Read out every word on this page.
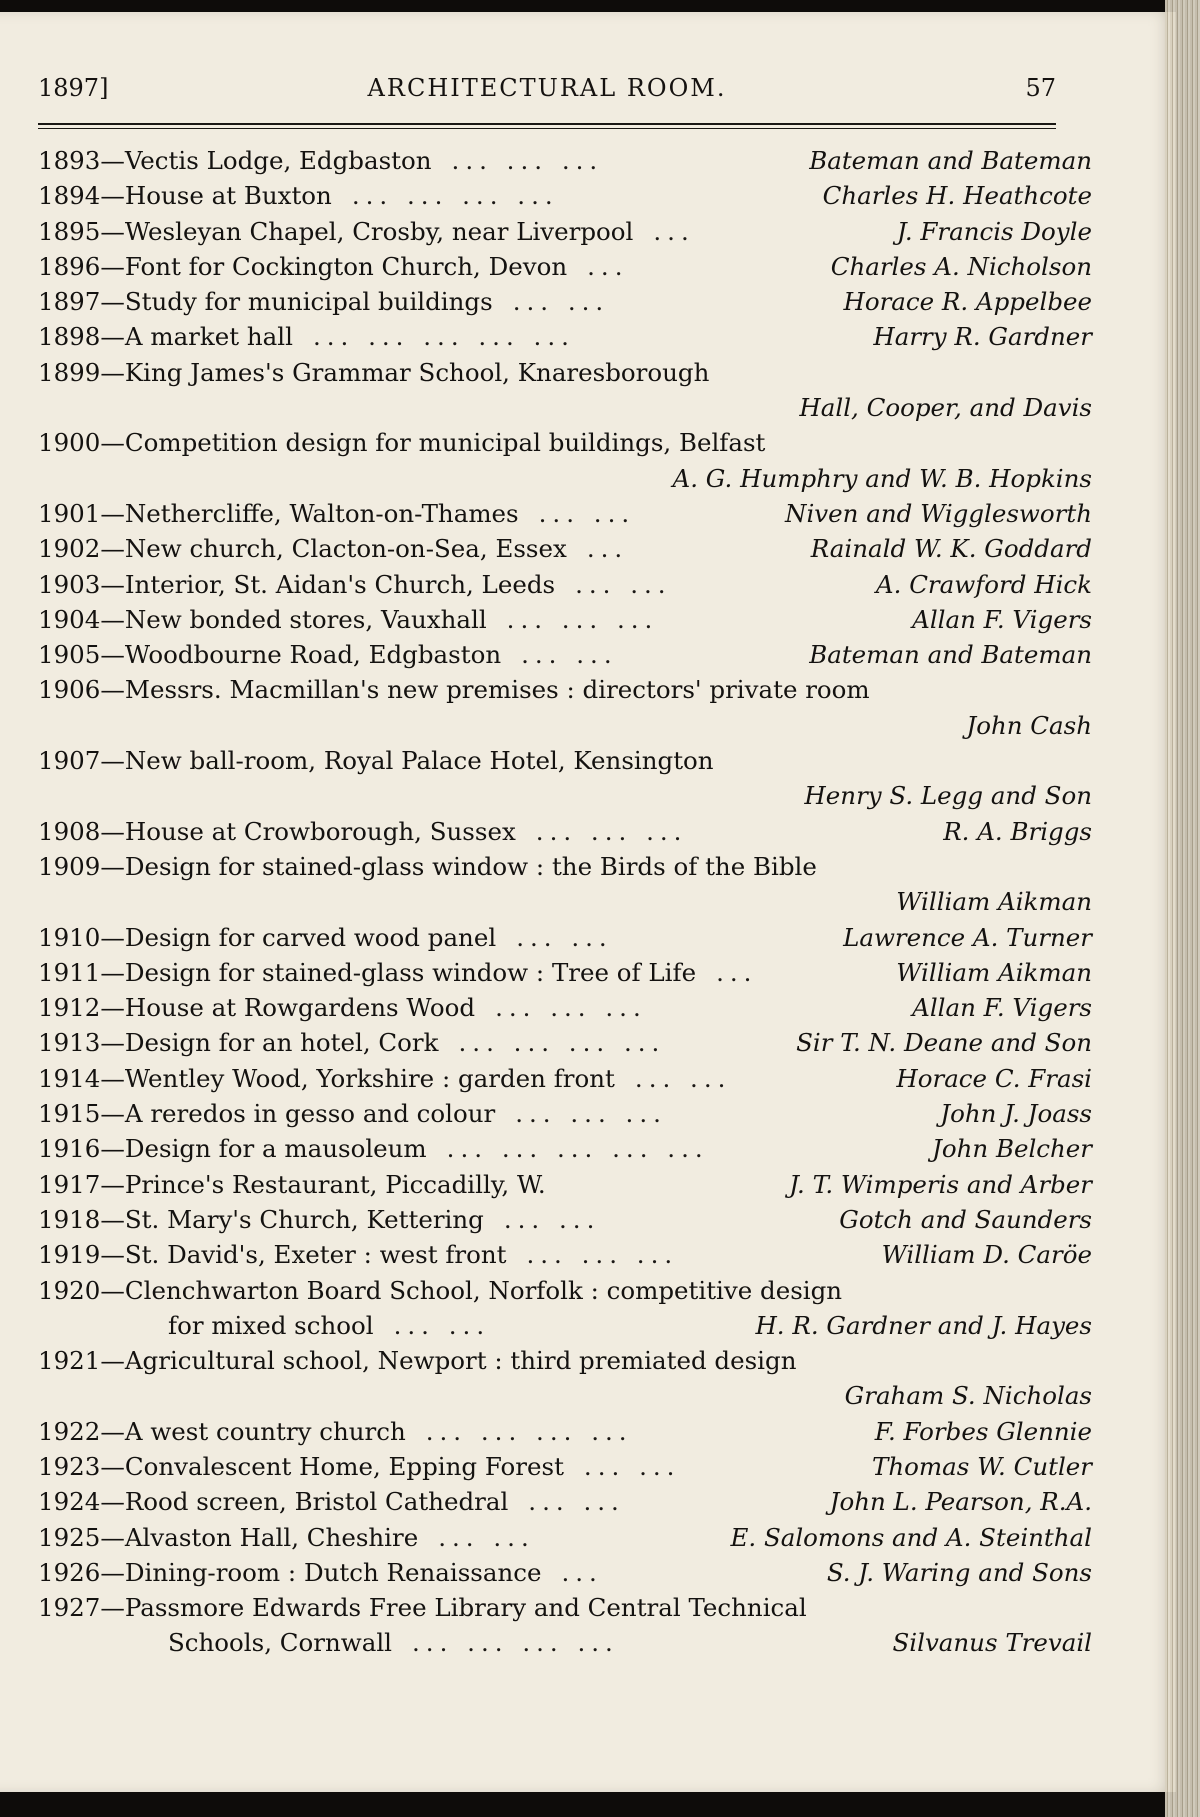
1897]	ARCHITECTURAL ROOM.	57
1893—Vectis Lodge, Edgbaston ... ... ...	Bateman and Bateman
1894—House at Buxton ... ... ... ...	Charles H. Heathcote
1895—Wesleyan Chapel, Crosby, near Liverpool ...	J. Francis Doyle
1896—Font for Cockington Church, Devon ...	Charles A. Nicholson
1897—Study for municipal buildings ... ...	Horace R. Appelbee
1898—A market hall ... ... ... ... ...	Harry R. Gardner
1899—King James's Grammar School, Knaresborough
Hall, Cooper, and Davis
1900—Competition design for municipal buildings, Belfast
A. G. Humphry and W. B. Hopkins
1901—Nethercliffe, Walton-on-Thames ... ...	Niven and Wigglesworth
1902—New church, Clacton-on-Sea, Essex ...	Rainald W. K. Goddard
1903—Interior, St. Aidan's Church, Leeds ... ...	A. Crawford Hick
1904—New bonded stores, Vauxhall ... ... ...	Allan F. Vigers
1905—Woodbourne Road, Edgbaston ... ...	Bateman and Bateman
1906—Messrs. Macmillan's new premises : directors' private room
John Cash
1907—New ball-room, Royal Palace Hotel, Kensington
Henry S. Legg and Son
1908—House at Crowborough, Sussex ... ... ...	R. A. Briggs
1909—Design for stained-glass window : the Birds of the Bible
William Aikman
1910—Design for carved wood panel ... ...	Lawrence A. Turner
1911—Design for stained-glass window : Tree of Life ...	William Aikman
1912—House at Rowgardens Wood ... ... ...	Allan F. Vigers
1913—Design for an hotel, Cork ... ... ... ...	Sir T. N. Deane and Son
1914—Wentley Wood, Yorkshire : garden front ... ...	Horace C. Frasi
1915—A reredos in gesso and colour ... ... ...	John J. Joass
1916—Design for a mausoleum ... ... ... ... ...	John Belcher
1917—Prince's Restaurant, Piccadilly, W.	J. T. Wimperis and Arber
1918—St. Mary's Church, Kettering ... ...	Gotch and Saunders
1919—St. David's, Exeter : west front ... ... ...	William D. Caröe
1920—Clenchwarton Board School, Norfolk : competitive design
for mixed school ... ...	H. R. Gardner and J. Hayes
1921—Agricultural school, Newport : third premiated design
Graham S. Nicholas
1922—A west country church ... ... ... ...	F. Forbes Glennie
1923—Convalescent Home, Epping Forest ... ...	Thomas W. Cutler
1924—Rood screen, Bristol Cathedral ... ...	John L. Pearson, R.A.
1925—Alvaston Hall, Cheshire ... ...	E. Salomons and A. Steinthal
1926—Dining-room : Dutch Renaissance ...	S. J. Waring and Sons
1927—Passmore Edwards Free Library and Central Technical
Schools, Cornwall ... ... ... ...	Silvanus Trevail
